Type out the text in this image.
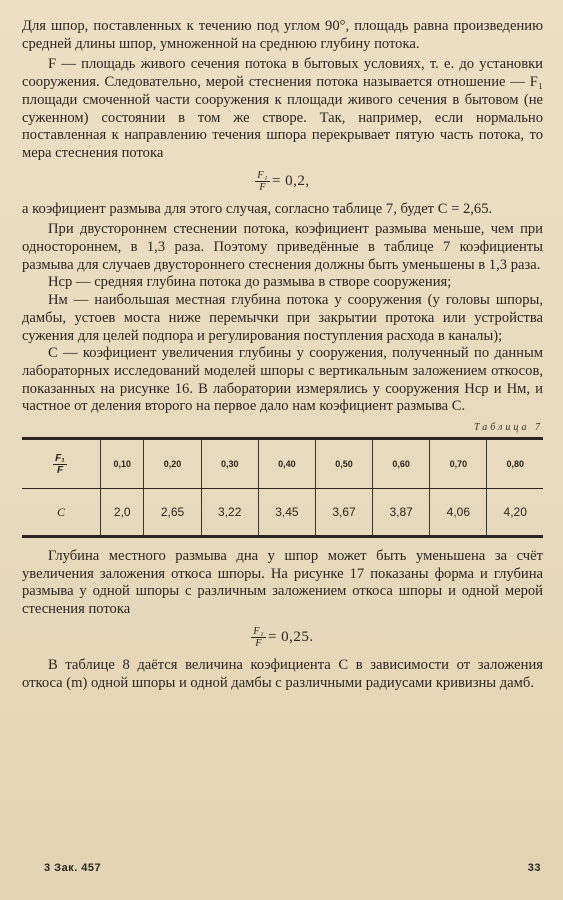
Для шпор, поставленных к течению под углом 90°, площадь равна произведению средней длины шпор, умноженной на среднюю глубину потока.

F — площадь живого сечения потока в бытовых условиях, т. е. до установки сооружения. Следовательно, мерой стеснения потока называется отношение — F₁ площади смоченной части сооружения к площади живого сечения в бытовом (не суженном) состоянии в том же створе. Так, например, если нормально поставленная к направлению течения шпора перекрывает пятую часть потока, то мера стеснения потока

$\frac{\text{F₁}}{F} = 0,2$,

а коэфициент размыва для этого случая, согласно таблице 7, будет C = 2,65.

При двустороннем стеснении потока, коэфициент размыва меньше, чем при одностороннем, в 1,3 раза. Поэтому приведённые в таблице 7 коэфициенты размыва для случаев двустороннего стеснения должны быть уменьшены в 1,3 раза.

Hср — средняя глубина потока до размыва в створе сооружения;

Hм — наибольшая местная глубина потока у сооружения (у головы шпоры, дамбы, устоев моста ниже перемычки при закрытии протока или устройства сужения для целей подпора и регулирования поступления расхода в каналы);

C — коэфициент увеличения глубины у сооружения, полученный по данным лабораторных исследований моделей шпоры с вертикальным заложением откосов, показанных на рисунке 16. В лаборатории измерялись у сооружения Hср и Hм, и частное от деления второго на первое дало нам коэфициент размыва C.

Таблица 7
$\frac{\text{F₁}}{F}$	0,10	0,20	0,30	0,40	0,50	0,60	0,70	0,80
C	2,0	2,65	3,22	3,45	3,67	3,87	4,06	4,20

Глубина местного размыва дна у шпор может быть уменьшена за счёт увеличения заложения откоса шпоры. На рисунке 17 показаны форма и глубина размыва у одной шпоры с различным заложением откоса шпоры и одной мерой стеснения потока

$\frac{\text{F₁}}{F} = 0,25$.

В таблице 8 даётся величина коэфициента C в зависимости от заложения откоса (m) одной шпоры и одной дамбы с различными радиусами кривизны дамб.

3 Зак. 457	33
